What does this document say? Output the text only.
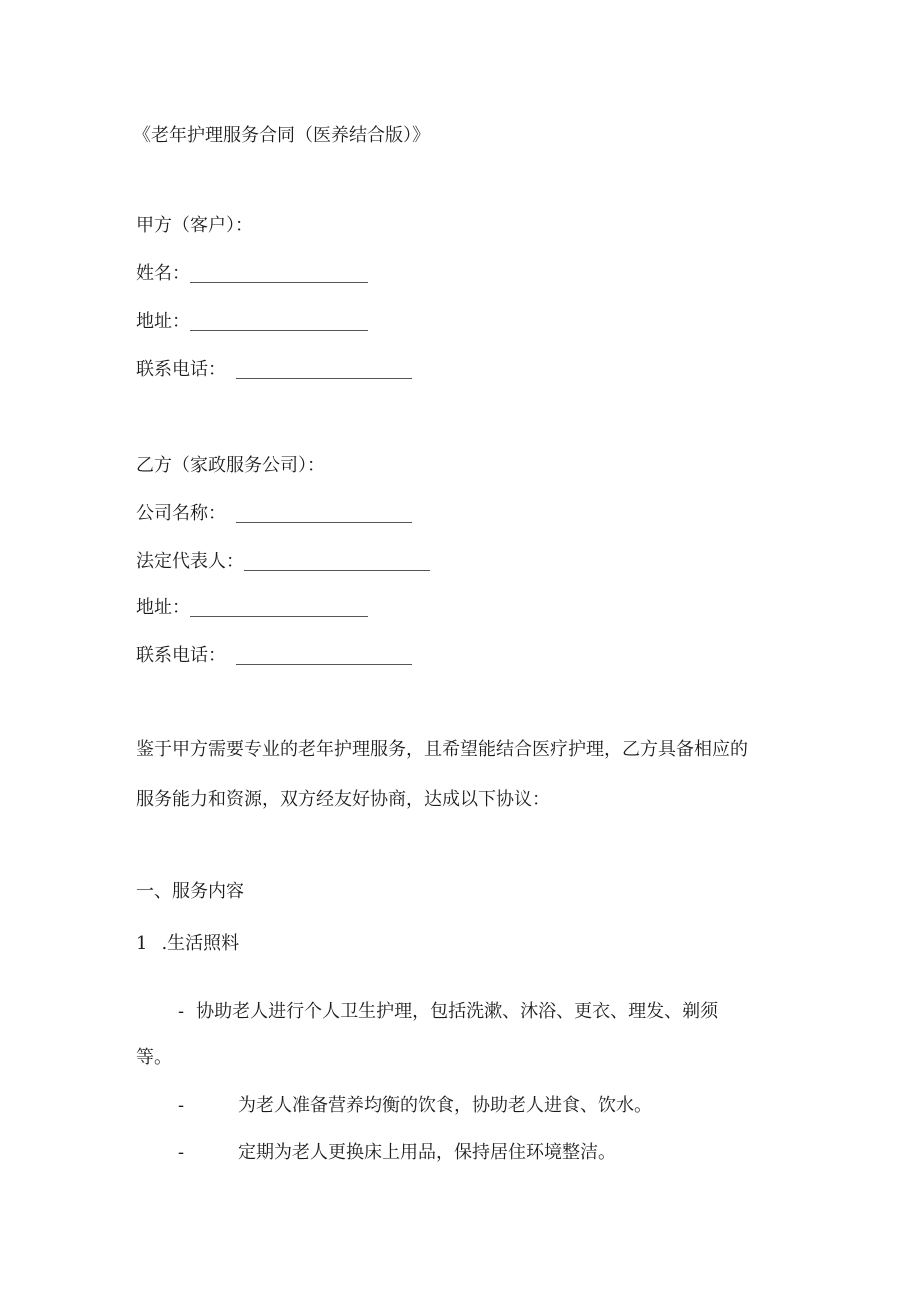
《老年护理服务合同（医养结合版）》
甲方（客户）：
姓名：
地址：
联系电话：
乙方（家政服务公司）：
公司名称：
法定代表人：
地址：
联系电话：
鉴于甲方需要专业的老年护理服务，且希望能结合医疗护理，乙方具备相应的
服务能力和资源，双方经友好协商，达成以下协议：
一、服务内容
1 .生活照料
- 协助老人进行个人卫生护理，包括洗漱、沐浴、更衣、理发、剃须
等。
-	为老人准备营养均衡的饮食，协助老人进食、饮水。
-	定期为老人更换床上用品，保持居住环境整洁。
